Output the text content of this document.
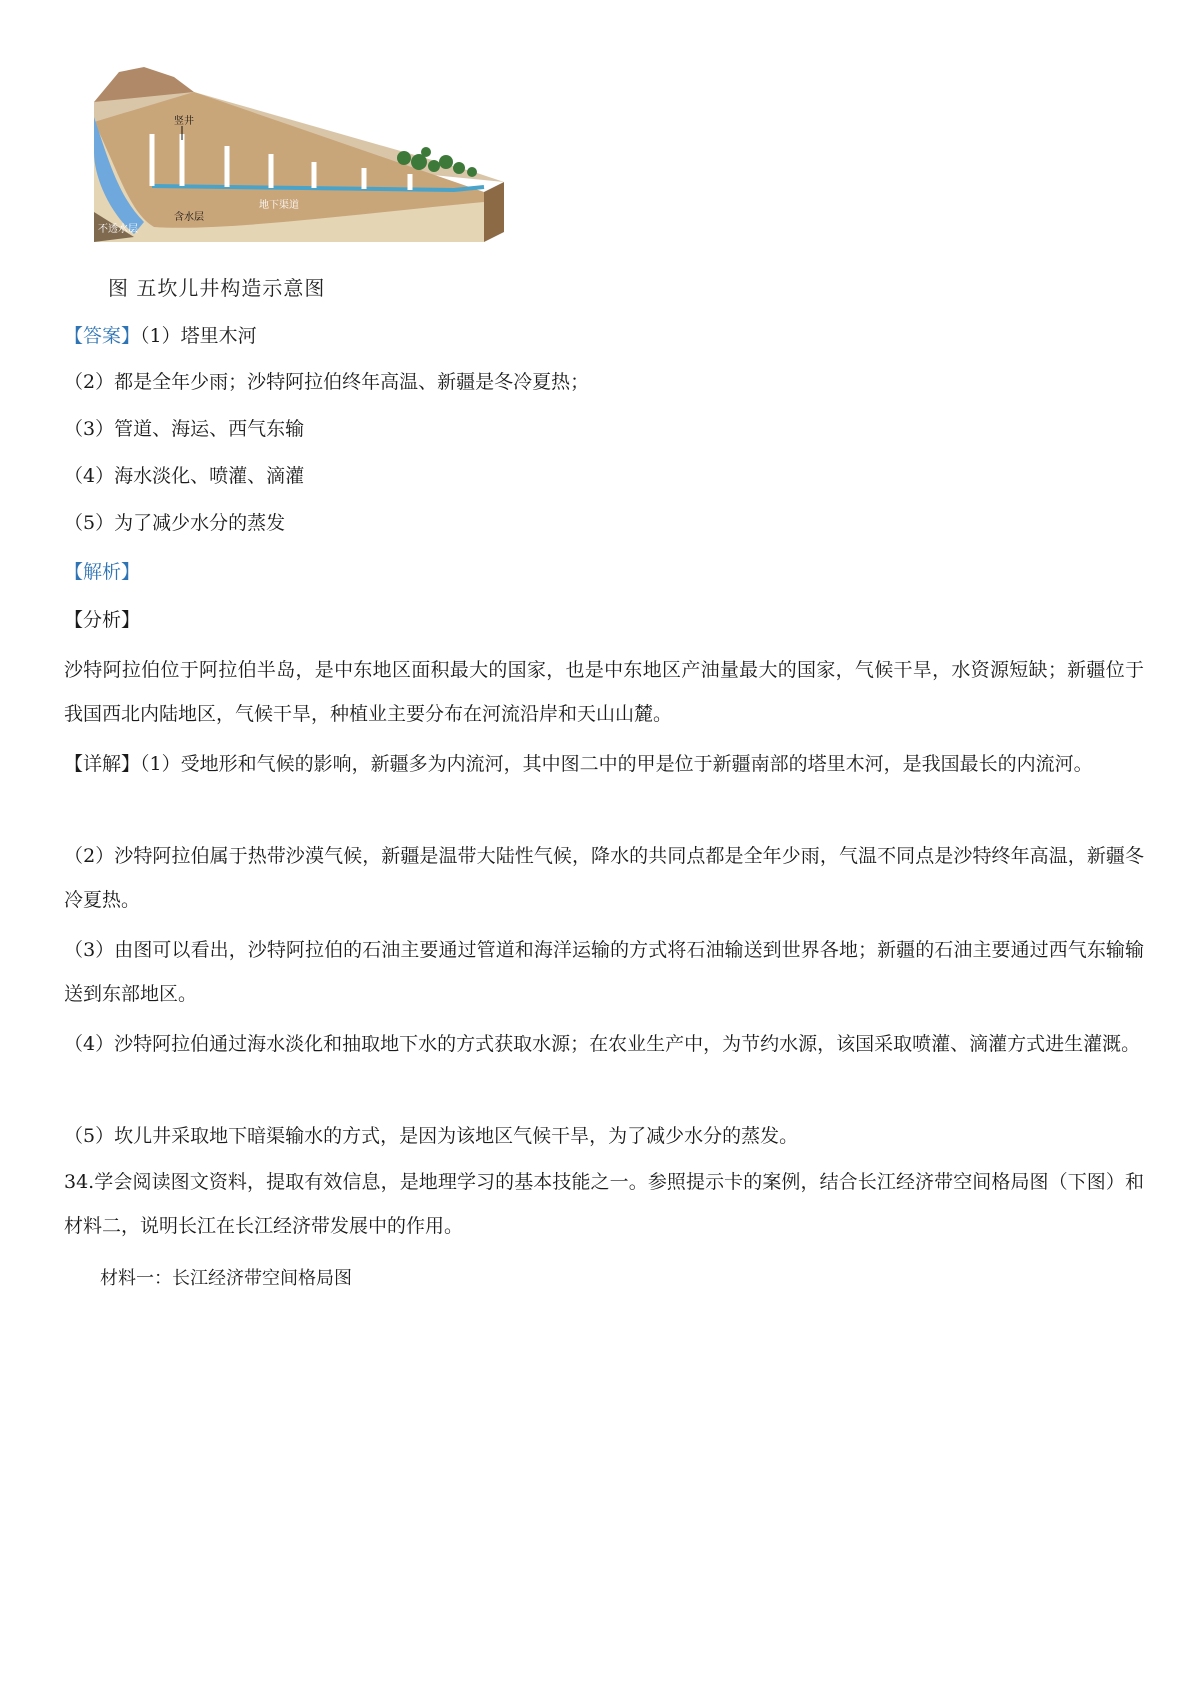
竖井
地下渠道
含水层
不透水层
图 五坎儿井构造示意图
【答案】（1）塔里木河
（2）都是全年少雨；沙特阿拉伯终年高温、新疆是冬冷夏热；
（3）管道、海运、西气东输
（4）海水淡化、喷灌、滴灌
（5）为了减少水分的蒸发
【解析】
【分析】
沙特阿拉伯位于阿拉伯半岛，是中东地区面积最大的国家，也是中东地区产油量最大的国家，气候干旱，水资源短缺；新疆位于我国西北内陆地区，气候干旱，种植业主要分布在河流沿岸和天山山麓。
【详解】（1）受地形和气候的影响，新疆多为内流河，其中图二中的甲是位于新疆南部的塔里木河，是我国最长的内流河。
（2）沙特阿拉伯属于热带沙漠气候，新疆是温带大陆性气候，降水的共同点都是全年少雨，气温不同点是沙特终年高温，新疆冬冷夏热。
（3）由图可以看出，沙特阿拉伯的石油主要通过管道和海洋运输的方式将石油输送到世界各地；新疆的石油主要通过西气东输输送到东部地区。
（4）沙特阿拉伯通过海水淡化和抽取地下水的方式获取水源；在农业生产中，为节约水源，该国采取喷灌、滴灌方式进生灌溉。
（5）坎儿井采取地下暗渠输水的方式，是因为该地区气候干旱，为了减少水分的蒸发。
34.学会阅读图文资料，提取有效信息，是地理学习的基本技能之一。参照提示卡的案例，结合长江经济带空间格局图（下图）和材料二，说明长江在长江经济带发展中的作用。
材料一：长江经济带空间格局图
